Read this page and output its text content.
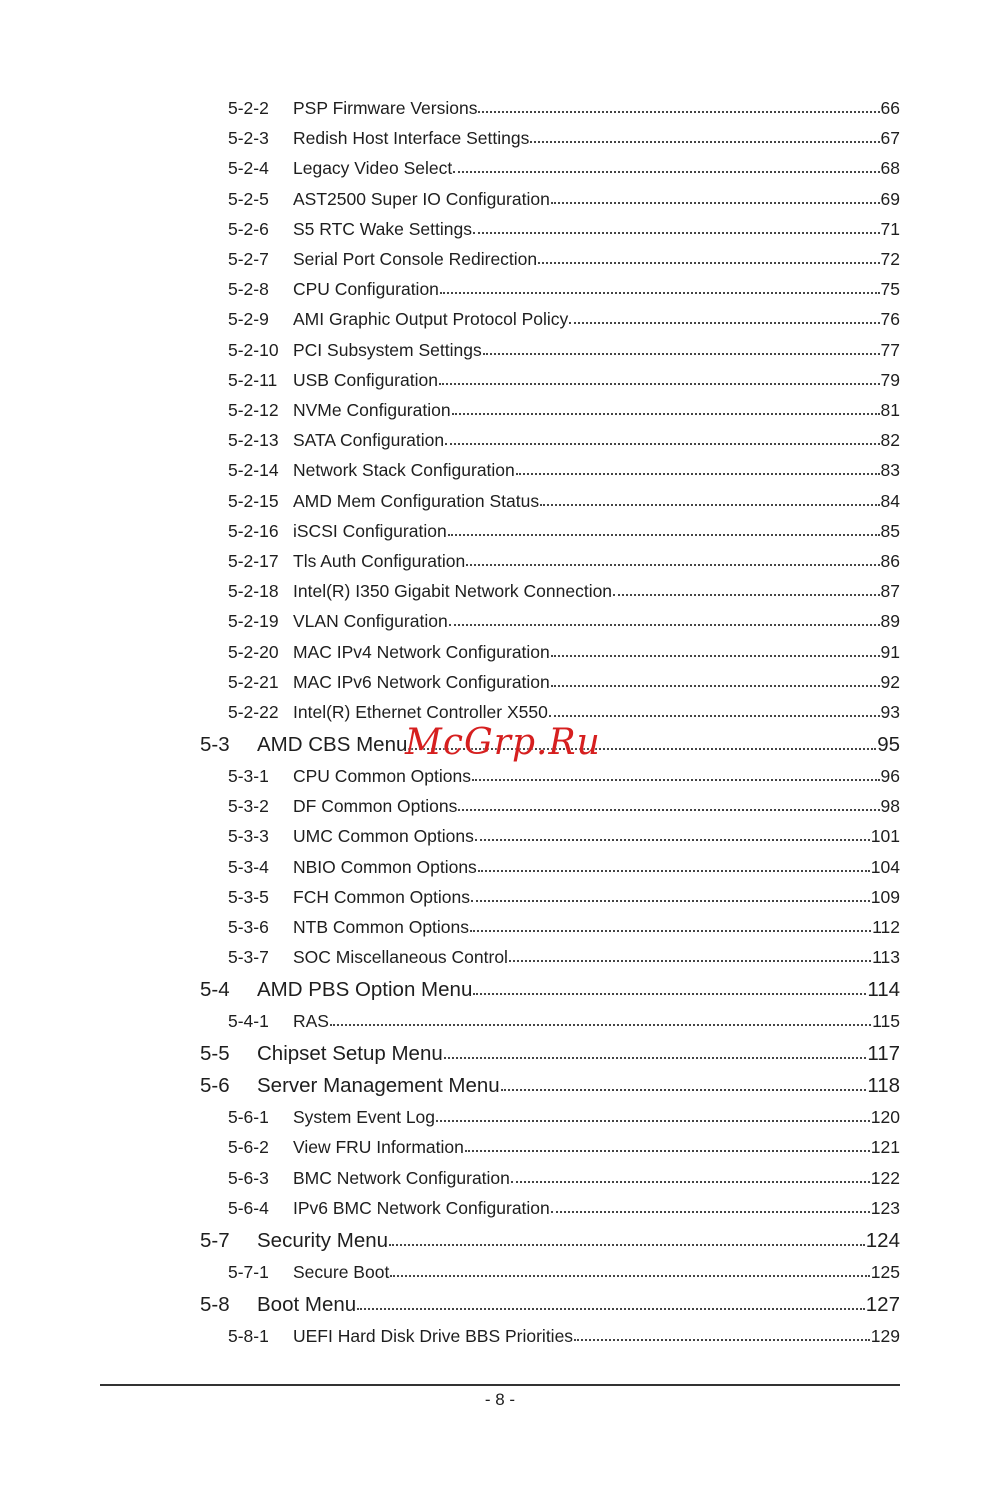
5-2-2	PSP Firmware Versions	66
5-2-3	Redish Host Interface Settings	67
5-2-4	Legacy Video Select	68
5-2-5	AST2500 Super IO Configuration	69
5-2-6	S5 RTC Wake Settings	71
5-2-7	Serial Port Console Redirection	72
5-2-8	CPU Configuration	75
5-2-9	AMI Graphic Output Protocol Policy	76
5-2-10 PCI Subsystem Settings	77
5-2-11 USB Configuration	79
5-2-12 NVMe Configuration	81
5-2-13 SATA Configuration	82
5-2-14 Network Stack Configuration	83
5-2-15 AMD Mem Configuration Status	84
5-2-16 iSCSI Configuration	85
5-2-17 Tls Auth Configuration	86
5-2-18 Intel(R) I350 Gigabit Network Connection	87
5-2-19 VLAN Configuration	89
5-2-20 MAC IPv4 Network Configuration	91
5-2-21 MAC IPv6 Network Configuration	92
5-2-22 Intel(R) Ethernet Controller X550	93
5-3	AMD CBS Menu	95
5-3-1	CPU Common Options	96
5-3-2	DF Common Options	98
5-3-3	UMC Common Options	101
5-3-4	NBIO Common Options	104
5-3-5	FCH Common Options	109
5-3-6	NTB Common Options	112
5-3-7	SOC Miscellaneous Control	113
5-4	AMD PBS Option Menu	114
5-4-1	RAS	115
5-5	Chipset Setup Menu	117
5-6	Server Management Menu	118
5-6-1	System Event Log	120
5-6-2	View FRU Information	121
5-6-3	BMC Network Configuration	122
5-6-4	IPv6 BMC Network Configuration	123
5-7	Security Menu	124
5-7-1	Secure Boot	125
5-8	Boot Menu	127
5-8-1	UEFI Hard Disk Drive BBS Priorities	129
McGrp.Ru
- 8 -
